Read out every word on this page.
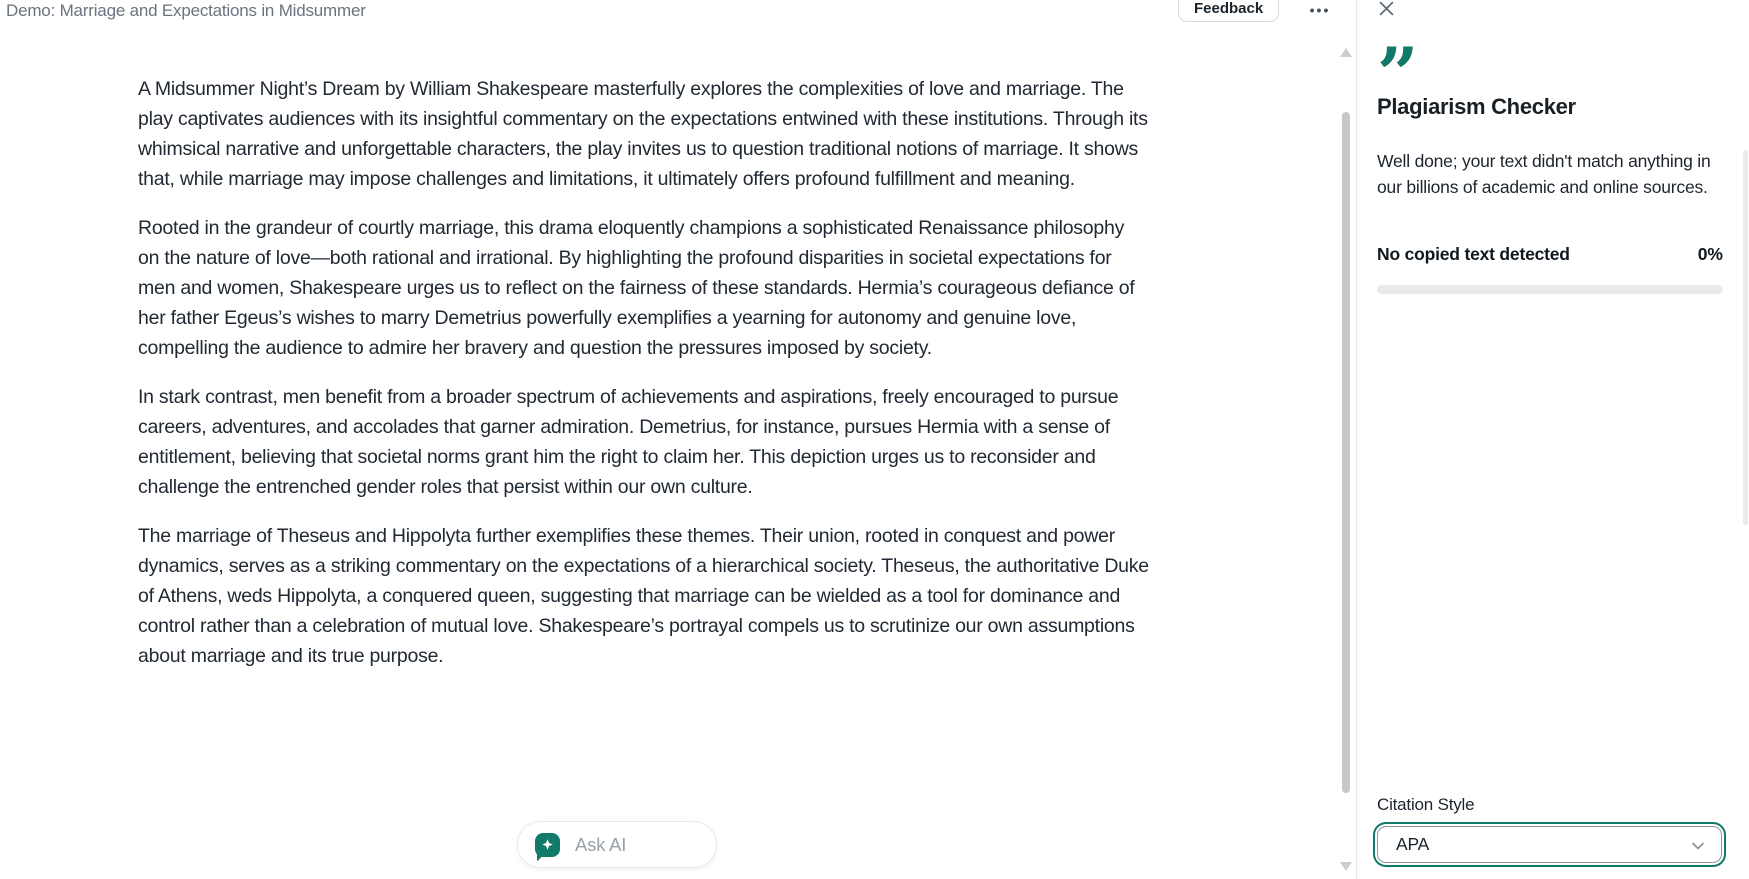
Demo: Marriage and Expectations in Midsummer	Feedback	•••

A Midsummer Night’s Dream by William Shakespeare masterfully explores the complexities of love and marriage. The play captivates audiences with its insightful commentary on the expectations entwined with these institutions. Through its whimsical narrative and unforgettable characters, the play invites us to question traditional notions of marriage. It shows that, while marriage may impose challenges and limitations, it ultimately offers profound fulfillment and meaning.

Rooted in the grandeur of courtly marriage, this drama eloquently champions a sophisticated Renaissance philosophy on the nature of love—both rational and irrational. By highlighting the profound disparities in societal expectations for men and women, Shakespeare urges us to reflect on the fairness of these standards. Hermia’s courageous defiance of her father Egeus’s wishes to marry Demetrius powerfully exemplifies a yearning for autonomy and genuine love, compelling the audience to admire her bravery and question the pressures imposed by society.

In stark contrast, men benefit from a broader spectrum of achievements and aspirations, freely encouraged to pursue careers, adventures, and accolades that garner admiration. Demetrius, for instance, pursues Hermia with a sense of entitlement, believing that societal norms grant him the right to claim her. This depiction urges us to reconsider and challenge the entrenched gender roles that persist within our own culture.

The marriage of Theseus and Hippolyta further exemplifies these themes. Their union, rooted in conquest and power dynamics, serves as a striking commentary on the expectations of a hierarchical society. Theseus, the authoritative Duke of Athens, weds Hippolyta, a conquered queen, suggesting that marriage can be wielded as a tool for dominance and control rather than a celebration of mutual love. Shakespeare’s portrayal compels us to scrutinize our own assumptions about marriage and its true purpose.

Ask AI
”
Plagiarism Checker

Well done; your text didn't match anything in our billions of academic and online sources.

No copied text detected	0%
Citation Style
APA
